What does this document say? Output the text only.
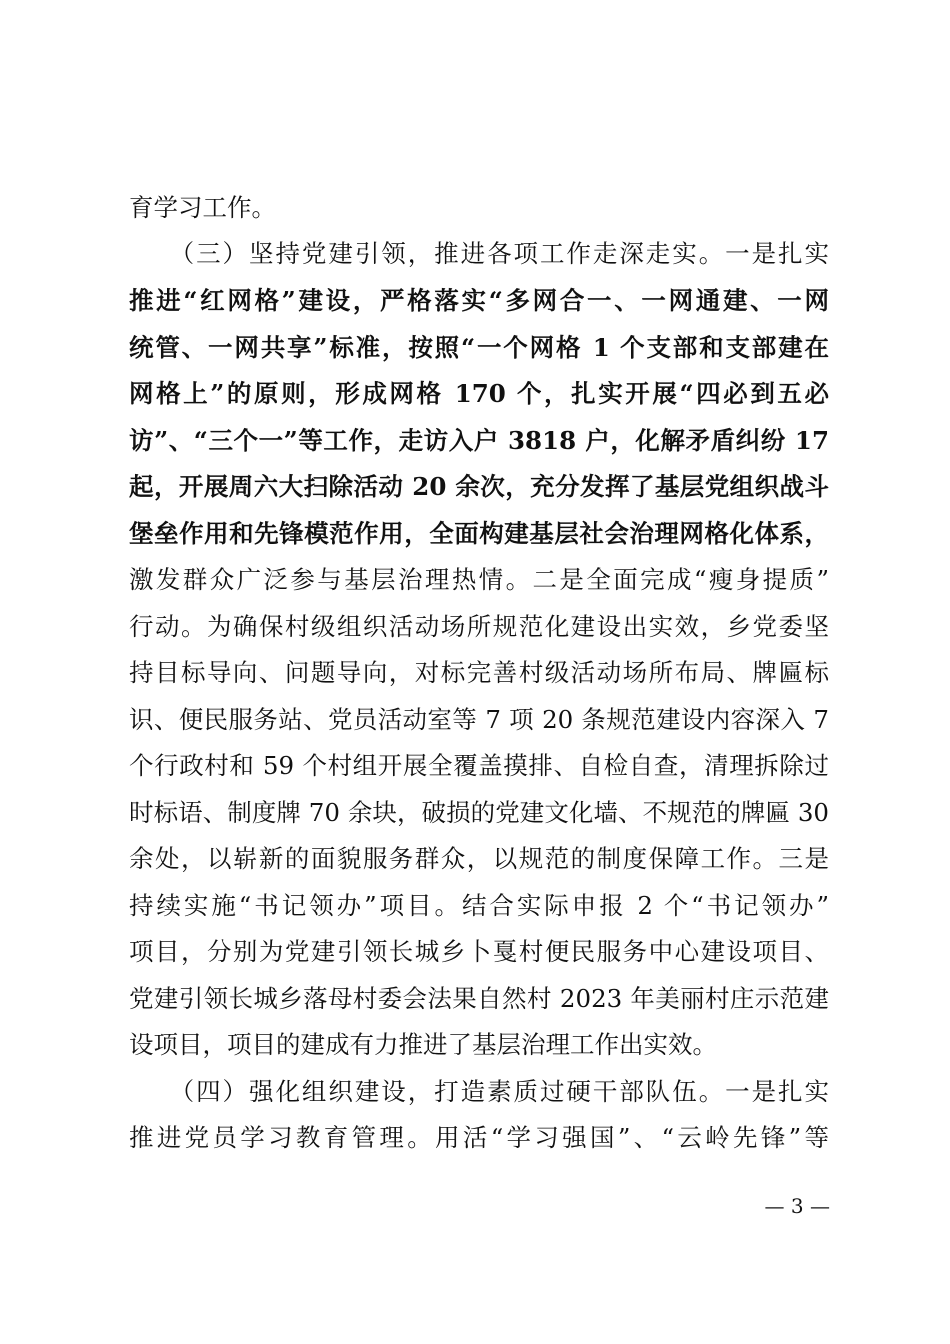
育学习工作。
　　（三）坚持党建引领，推进各项工作走深走实。一是扎实
推进“红网格”建设，严格落实“多网合一、一网通建、一网
统管、一网共享”标准，按照“一个网格 1 个支部和支部建在
网格上”的原则，形成网格 170 个，扎实开展“四必到五必
访”、“三个一”等工作，走访入户 3818 户，化解矛盾纠纷 17
起，开展周六大扫除活动 20 余次，充分发挥了基层党组织战斗
堡垒作用和先锋模范作用，全面构建基层社会治理网格化体系，
激发群众广泛参与基层治理热情。二是全面完成“瘦身提质”
行动。为确保村级组织活动场所规范化建设出实效，乡党委坚
持目标导向、问题导向，对标完善村级活动场所布局、牌匾标
识、便民服务站、党员活动室等 7 项 20 条规范建设内容深入 7
个行政村和 59 个村组开展全覆盖摸排、自检自查，清理拆除过
时标语、制度牌 70 余块，破损的党建文化墙、不规范的牌匾 30
余处，以崭新的面貌服务群众，以规范的制度保障工作。三是
持续实施“书记领办”项目。结合实际申报 2 个“书记领办”
项目，分别为党建引领长城乡卜戛村便民服务中心建设项目、
党建引领长城乡落母村委会法果自然村 2023 年美丽村庄示范建
设项目，项目的建成有力推进了基层治理工作出实效。
　　（四）强化组织建设，打造素质过硬干部队伍。一是扎实
推进党员学习教育管理。用活“学习强国”、“云岭先锋”等
— 3 —
